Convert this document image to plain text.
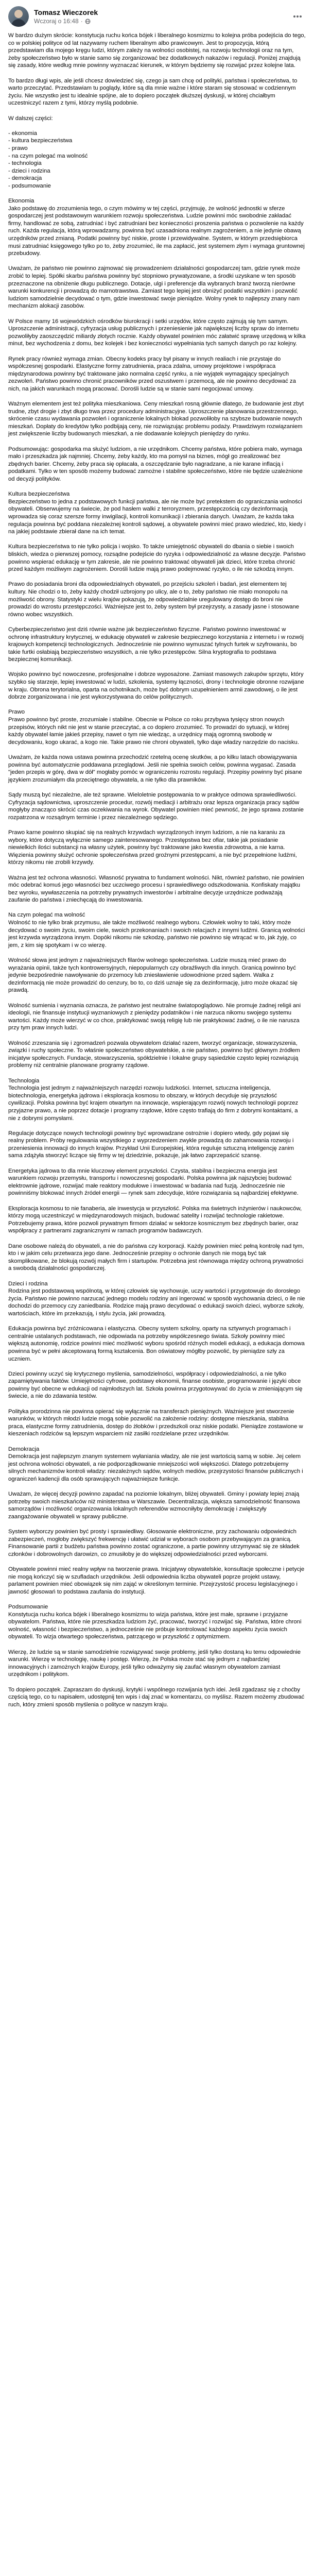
Tomasz Wieczorek
Wczoraj o 16:48 ·

W bardzo dużym skrócie: konstytucja ruchu końca bójek i liberalnego kosmizmu to kolejna próba podejścia do tego, co w polskiej polityce od lat nazywamy ruchem liberalnym albo prawicowym. Jest to propozycja, którą przedstawiam dla mojego kręgu ludzi, którym zależy na wolności osobistej, na rozwoju technologii oraz na tym, żeby społeczeństwo było w stanie samo się zorganizować bez dodatkowych nakazów i regulacji. Poniżej znajdują się zasady, które według mnie powinny wyznaczać kierunek, w którym będziemy się rozwijać przez kolejne lata.

To bardzo długi wpis, ale jeśli chcesz dowiedzieć się, czego ja sam chcę od polityki, państwa i społeczeństwa, to warto przeczytać. Przedstawiam tu poglądy, które są dla mnie ważne i które staram się stosować w codziennym życiu. Nie wszystko jest tu idealnie spójne, ale to dopiero początek dłuższej dyskusji, w której chciałbym uczestniczyć razem z tymi, którzy myślą podobnie.

W dalszej części:

- ekonomia
- kultura bezpieczeństwa
- prawo
- na czym polegać ma wolność
- technologia
- dzieci i rodzina
- demokracja
- podsumowanie

Ekonomia

Jako podstawę do zrozumienia tego, o czym mówimy w tej części, przyjmuję, że wolność jednostki w sferze gospodarczej jest podstawowym warunkiem rozwoju społeczeństwa. Ludzie powinni móc swobodnie zakładać firmy, handlować ze sobą, zatrudniać i być zatrudniani bez konieczności proszenia państwa o pozwolenie na każdy ruch. Każda regulacja, którą wprowadzamy, powinna być uzasadniona realnym zagrożeniem, a nie jedynie obawą urzędników przed zmianą. Podatki powinny być niskie, proste i przewidywalne. System, w którym przedsiębiorca musi zatrudniać księgowego tylko po to, żeby zrozumieć, ile ma zapłacić, jest systemem złym i wymaga gruntownej przebudowy.

Uważam, że państwo nie powinno zajmować się prowadzeniem działalności gospodarczej tam, gdzie rynek może zrobić to lepiej. Spółki skarbu państwa powinny być stopniowo prywatyzowane, a środki uzyskane w ten sposób przeznaczone na obniżenie długu publicznego. Dotacje, ulgi i preferencje dla wybranych branż tworzą nierówne warunki konkurencji i prowadzą do marnotrawstwa. Zamiast tego lepiej jest obniżyć podatki wszystkim i pozwolić ludziom samodzielnie decydować o tym, gdzie inwestować swoje pieniądze. Wolny rynek to najlepszy znany nam mechanizm alokacji zasobów.

W Polsce mamy 16 wojewódzkich ośrodków biurokracji i setki urzędów, które często zajmują się tym samym. Uproszczenie administracji, cyfryzacja usług publicznych i przeniesienie jak największej liczby spraw do internetu pozwoliłyby zaoszczędzić miliardy złotych rocznie. Każdy obywatel powinien móc załatwić sprawę urzędową w kilka minut, bez wychodzenia z domu, bez kolejek i bez konieczności wypełniania tych samych danych po raz kolejny.

Rynek pracy również wymaga zmian. Obecny kodeks pracy był pisany w innych realiach i nie przystaje do współczesnej gospodarki. Elastyczne formy zatrudnienia, praca zdalna, umowy projektowe i współpraca międzynarodowa powinny być traktowane jako normalna część rynku, a nie wyjątek wymagający specjalnych zezwoleń. Państwo powinno chronić pracowników przed oszustwem i przemocą, ale nie powinno decydować za nich, na jakich warunkach mogą pracować. Dorośli ludzie są w stanie sami negocjować umowy.

Ważnym elementem jest też polityka mieszkaniowa. Ceny mieszkań rosną głównie dlatego, że budowanie jest zbyt trudne, zbyt drogie i zbyt długo trwa przez procedury administracyjne. Uproszczenie planowania przestrzennego, skrócenie czasu wydawania pozwoleń i ograniczenie lokalnych blokad pozwoliłoby na szybsze budowanie nowych mieszkań. Dopłaty do kredytów tylko podbijają ceny, nie rozwiązując problemu podaży. Prawdziwym rozwiązaniem jest zwiększenie liczby budowanych mieszkań, a nie dodawanie kolejnych pieniędzy do rynku.

Podsumowując: gospodarka ma służyć ludziom, a nie urzędnikom. Chcemy państwa, które pobiera mało, wymaga mało i przeszkadza jak najmniej. Chcemy, żeby każdy, kto ma pomysł na biznes, mógł go zrealizować bez zbędnych barier. Chcemy, żeby praca się opłacała, a oszczędzanie było nagradzane, a nie karane inflacją i podatkami. Tylko w ten sposób możemy budować zamożne i stabilne społeczeństwo, które nie będzie uzależnione od decyzji polityków.

Kultura bezpieczeństwa

Bezpieczeństwo to jedna z podstawowych funkcji państwa, ale nie może być pretekstem do ograniczania wolności obywateli. Obserwujemy na świecie, że pod hasłem walki z terroryzmem, przestępczością czy dezinformacją wprowadza się coraz szersze formy inwigilacji, kontroli komunikacji i zbierania danych. Uważam, że każda taka regulacja powinna być poddana niezależnej kontroli sądowej, a obywatele powinni mieć prawo wiedzieć, kto, kiedy i na jakiej podstawie zbierał dane na ich temat.

Kultura bezpieczeństwa to nie tylko policja i wojsko. To także umiejętność obywateli do dbania o siebie i swoich bliskich, wiedza o pierwszej pomocy, rozsądne podejście do ryzyka i odpowiedzialność za własne decyzje. Państwo powinno wspierać edukację w tym zakresie, ale nie powinno traktować obywateli jak dzieci, które trzeba chronić przed każdym możliwym zagrożeniem. Dorośli ludzie mają prawo podejmować ryzyko, o ile nie szkodzą innym.

Prawo do posiadania broni dla odpowiedzialnych obywateli, po przejściu szkoleń i badań, jest elementem tej kultury. Nie chodzi o to, żeby każdy chodził uzbrojony po ulicy, ale o to, żeby państwo nie miało monopolu na możliwość obrony. Statystyki z wielu krajów pokazują, że odpowiedzialnie uregulowany dostęp do broni nie prowadzi do wzrostu przestępczości. Ważniejsze jest to, żeby system był przejrzysty, a zasady jasne i stosowane równo wobec wszystkich.

Cyberbezpieczeństwo jest dziś równie ważne jak bezpieczeństwo fizyczne. Państwo powinno inwestować w ochronę infrastruktury krytycznej, w edukację obywateli w zakresie bezpiecznego korzystania z internetu i w rozwój krajowych kompetencji technologicznych. Jednocześnie nie powinno wymuszać tylnych furtek w szyfrowaniu, bo takie furtki osłabiają bezpieczeństwo wszystkich, a nie tylko przestępców. Silna kryptografia to podstawa bezpiecznej komunikacji.

Wojsko powinno być nowoczesne, profesjonalne i dobrze wyposażone. Zamiast masowych zakupów sprzętu, który szybko się starzeje, lepiej inwestować w ludzi, szkolenia, systemy łączności, drony i technologie obronne rozwijane w kraju. Obrona terytorialna, oparta na ochotnikach, może być dobrym uzupełnieniem armii zawodowej, o ile jest dobrze zorganizowana i nie jest wykorzystywana do celów politycznych.

Prawo

Prawo powinno być proste, zrozumiałe i stabilne. Obecnie w Polsce co roku przybywa tysięcy stron nowych przepisów, których nikt nie jest w stanie przeczytać, a co dopiero zrozumieć. To prowadzi do sytuacji, w której każdy obywatel łamie jakieś przepisy, nawet o tym nie wiedząc, a urzędnicy mają ogromną swobodę w decydowaniu, kogo ukarać, a kogo nie. Takie prawo nie chroni obywateli, tylko daje władzy narzędzie do nacisku.

Uważam, że każda nowa ustawa powinna przechodzić rzetelną ocenę skutków, a po kilku latach obowiązywania powinna być automatycznie poddawana przeglądowi. Jeśli nie spełnia swoich celów, powinna wygasać. Zasada "jeden przepis w górę, dwa w dół" mogłaby pomóc w ograniczeniu rozrostu regulacji. Przepisy powinny być pisane językiem zrozumiałym dla przeciętnego obywatela, a nie tylko dla prawników.

Sądy muszą być niezależne, ale też sprawne. Wieloletnie postępowania to w praktyce odmowa sprawiedliwości. Cyfryzacja sądownictwa, uproszczenie procedur, rozwój mediacji i arbitrażu oraz lepsza organizacja pracy sądów mogłyby znacząco skrócić czas oczekiwania na wyrok. Obywatel powinien mieć pewność, że jego sprawa zostanie rozpatrzona w rozsądnym terminie i przez niezależnego sędziego.

Prawo karne powinno skupiać się na realnych krzywdach wyrządzonych innym ludziom, a nie na karaniu za wybory, które dotyczą wyłącznie samego zainteresowanego. Przestępstwa bez ofiar, takie jak posiadanie niewielkich ilości substancji na własny użytek, powinny być traktowane jako kwestia zdrowotna, a nie karna. Więzienia powinny służyć ochronie społeczeństwa przed groźnymi przestępcami, a nie być przepełnione ludźmi, którzy nikomu nie zrobili krzywdy.

Ważna jest też ochrona własności. Własność prywatna to fundament wolności. Nikt, również państwo, nie powinien móc odebrać komuś jego własności bez uczciwego procesu i sprawiedliwego odszkodowania. Konfiskaty majątku bez wyroku, wywłaszczenia na potrzeby prywatnych inwestorów i arbitralne decyzje urzędnicze podważają zaufanie do państwa i zniechęcają do inwestowania.

Na czym polegać ma wolność

Wolność to nie tylko brak przymusu, ale także możliwość realnego wyboru. Człowiek wolny to taki, który może decydować o swoim życiu, swoim ciele, swoich przekonaniach i swoich relacjach z innymi ludźmi. Granicą wolności jest krzywda wyrządzona innym. Dopóki nikomu nie szkodzę, państwo nie powinno się wtrącać w to, jak żyję, co jem, z kim się spotykam i w co wierzę.

Wolność słowa jest jednym z najważniejszych filarów wolnego społeczeństwa. Ludzie muszą mieć prawo do wyrażania opinii, także tych kontrowersyjnych, niepopularnych czy obraźliwych dla innych. Granicą powinno być jedynie bezpośrednie nawoływanie do przemocy lub zniesławienie udowodnione przed sądem. Walka z dezinformacją nie może prowadzić do cenzury, bo to, co dziś uznaje się za dezinformację, jutro może okazać się prawdą.

Wolność sumienia i wyznania oznacza, że państwo jest neutralne światopoglądowo. Nie promuje żadnej religii ani ideologii, nie finansuje instytucji wyznaniowych z pieniędzy podatników i nie narzuca nikomu swojego systemu wartości. Każdy może wierzyć w co chce, praktykować swoją religię lub nie praktykować żadnej, o ile nie narusza przy tym praw innych ludzi.

Wolność zrzeszania się i zgromadzeń pozwala obywatelom działać razem, tworzyć organizacje, stowarzyszenia, związki i ruchy społeczne. To właśnie społeczeństwo obywatelskie, a nie państwo, powinno być głównym źródłem inicjatyw społecznych. Fundacje, stowarzyszenia, spółdzielnie i lokalne grupy sąsiedzkie często lepiej rozwiązują problemy niż centralnie planowane programy rządowe.

Technologia

Technologia jest jednym z najważniejszych narzędzi rozwoju ludzkości. Internet, sztuczna inteligencja, biotechnologia, energetyka jądrowa i eksploracja kosmosu to obszary, w których decyduje się przyszłość cywilizacji. Polska powinna być krajem otwartym na innowacje, wspierającym rozwój nowych technologii poprzez przyjazne prawo, a nie poprzez dotacje i programy rządowe, które często trafiają do firm z dobrymi kontaktami, a nie z dobrymi pomysłami.

Regulacje dotyczące nowych technologii powinny być wprowadzane ostrożnie i dopiero wtedy, gdy pojawi się realny problem. Próby regulowania wszystkiego z wyprzedzeniem zwykle prowadzą do zahamowania rozwoju i przeniesienia innowacji do innych krajów. Przykład Unii Europejskiej, która reguluje sztuczną inteligencję zanim sama zdążyła stworzyć liczące się firmy w tej dziedzinie, pokazuje, jak łatwo zaprzepaścić szansę.

Energetyka jądrowa to dla mnie kluczowy element przyszłości. Czysta, stabilna i bezpieczna energia jest warunkiem rozwoju przemysłu, transportu i nowoczesnej gospodarki. Polska powinna jak najszybciej budować elektrownie jądrowe, rozwijać małe reaktory modułowe i inwestować w badania nad fuzją. Jednocześnie nie powinniśmy blokować innych źródeł energii — rynek sam zdecyduje, które rozwiązania są najbardziej efektywne.

Eksploracja kosmosu to nie fanaberia, ale inwestycja w przyszłość. Polska ma świetnych inżynierów i naukowców, którzy mogą uczestniczyć w międzynarodowych misjach, budować satelity i rozwijać technologie rakietowe. Potrzebujemy prawa, które pozwoli prywatnym firmom działać w sektorze kosmicznym bez zbędnych barier, oraz współpracy z partnerami zagranicznymi w ramach programów badawczych.

Dane osobowe należą do obywateli, a nie do państwa czy korporacji. Każdy powinien mieć pełną kontrolę nad tym, kto i w jakim celu przetwarza jego dane. Jednocześnie przepisy o ochronie danych nie mogą być tak skomplikowane, że blokują rozwój małych firm i startupów. Potrzebna jest równowaga między ochroną prywatności a swobodą działalności gospodarczej.

Dzieci i rodzina

Rodzina jest podstawową wspólnotą, w której człowiek się wychowuje, uczy wartości i przygotowuje do dorosłego życia. Państwo nie powinno narzucać jednego modelu rodziny ani ingerować w sposób wychowania dzieci, o ile nie dochodzi do przemocy czy zaniedbania. Rodzice mają prawo decydować o edukacji swoich dzieci, wyborze szkoły, wartościach, które im przekazują, i stylu życia, jaki prowadzą.

Edukacja powinna być zróżnicowana i elastyczna. Obecny system szkolny, oparty na sztywnych programach i centralnie ustalanych podstawach, nie odpowiada na potrzeby współczesnego świata. Szkoły powinny mieć większą autonomię, rodzice powinni mieć możliwość wyboru spośród różnych modeli edukacji, a edukacja domowa powinna być w pełni akceptowaną formą kształcenia. Bon oświatowy mógłby pozwolić, by pieniądze szły za uczniem.

Dzieci powinny uczyć się krytycznego myślenia, samodzielności, współpracy i odpowiedzialności, a nie tylko zapamiętywania faktów. Umiejętności cyfrowe, podstawy ekonomii, finanse osobiste, programowanie i języki obce powinny być obecne w edukacji od najmłodszych lat. Szkoła powinna przygotowywać do życia w zmieniającym się świecie, a nie do zdawania testów.

Polityka prorodzinna nie powinna opierać się wyłącznie na transferach pieniężnych. Ważniejsze jest stworzenie warunków, w których młodzi ludzie mogą sobie pozwolić na założenie rodziny: dostępne mieszkania, stabilna praca, elastyczne formy zatrudnienia, dostęp do żłobków i przedszkoli oraz niskie podatki. Pieniądze zostawione w kieszeniach rodziców są lepszym wsparciem niż zasiłki rozdzielane przez urzędników.

Demokracja

Demokracja jest najlepszym znanym systemem wyłaniania władzy, ale nie jest wartością samą w sobie. Jej celem jest ochrona wolności obywateli, a nie podporządkowanie mniejszości woli większości. Dlatego potrzebujemy silnych mechanizmów kontroli władzy: niezależnych sądów, wolnych mediów, przejrzystości finansów publicznych i ograniczeń kadencji dla osób sprawujących najważniejsze funkcje.

Uważam, że więcej decyzji powinno zapadać na poziomie lokalnym, bliżej obywateli. Gminy i powiaty lepiej znają potrzeby swoich mieszkańców niż ministerstwa w Warszawie. Decentralizacja, większa samodzielność finansowa samorządów i możliwość organizowania lokalnych referendów wzmocniłyby demokrację i zwiększyły zaangażowanie obywateli w sprawy publiczne.

System wyborczy powinien być prosty i sprawiedliwy. Głosowanie elektroniczne, przy zachowaniu odpowiednich zabezpieczeń, mogłoby zwiększyć frekwencję i ułatwić udział w wyborach osobom przebywającym za granicą. Finansowanie partii z budżetu państwa powinno zostać ograniczone, a partie powinny utrzymywać się ze składek członków i dobrowolnych darowizn, co zmusiłoby je do większej odpowiedzialności przed wyborcami.

Obywatele powinni mieć realny wpływ na tworzenie prawa. Inicjatywy obywatelskie, konsultacje społeczne i petycje nie mogą kończyć się w szufladach urzędników. Jeśli odpowiednia liczba obywateli poprze projekt ustawy, parlament powinien mieć obowiązek się nim zająć w określonym terminie. Przejrzystość procesu legislacyjnego i jawność głosowań to podstawa zaufania do instytucji.

Podsumowanie

Konstytucja ruchu końca bójek i liberalnego kosmizmu to wizja państwa, które jest małe, sprawne i przyjazne obywatelom. Państwa, które nie przeszkadza ludziom żyć, pracować, tworzyć i rozwijać się. Państwa, które chroni wolność, własność i bezpieczeństwo, a jednocześnie nie próbuje kontrolować każdego aspektu życia swoich obywateli. To wizja otwartego społeczeństwa, patrzącego w przyszłość z optymizmem.

Wierzę, że ludzie są w stanie samodzielnie rozwiązywać swoje problemy, jeśli tylko dostaną ku temu odpowiednie warunki. Wierzę w technologię, naukę i postęp. Wierzę, że Polska może stać się jednym z najbardziej innowacyjnych i zamożnych krajów Europy, jeśli tylko odważymy się zaufać własnym obywatelom zamiast urzędnikom i politykom.

To dopiero początek. Zapraszam do dyskusji, krytyki i wspólnego rozwijania tych idei. Jeśli zgadzasz się z choćby częścią tego, co tu napisałem, udostępnij ten wpis i daj znać w komentarzu, co myślisz. Razem możemy zbudować ruch, który zmieni sposób myślenia o polityce w naszym kraju.
